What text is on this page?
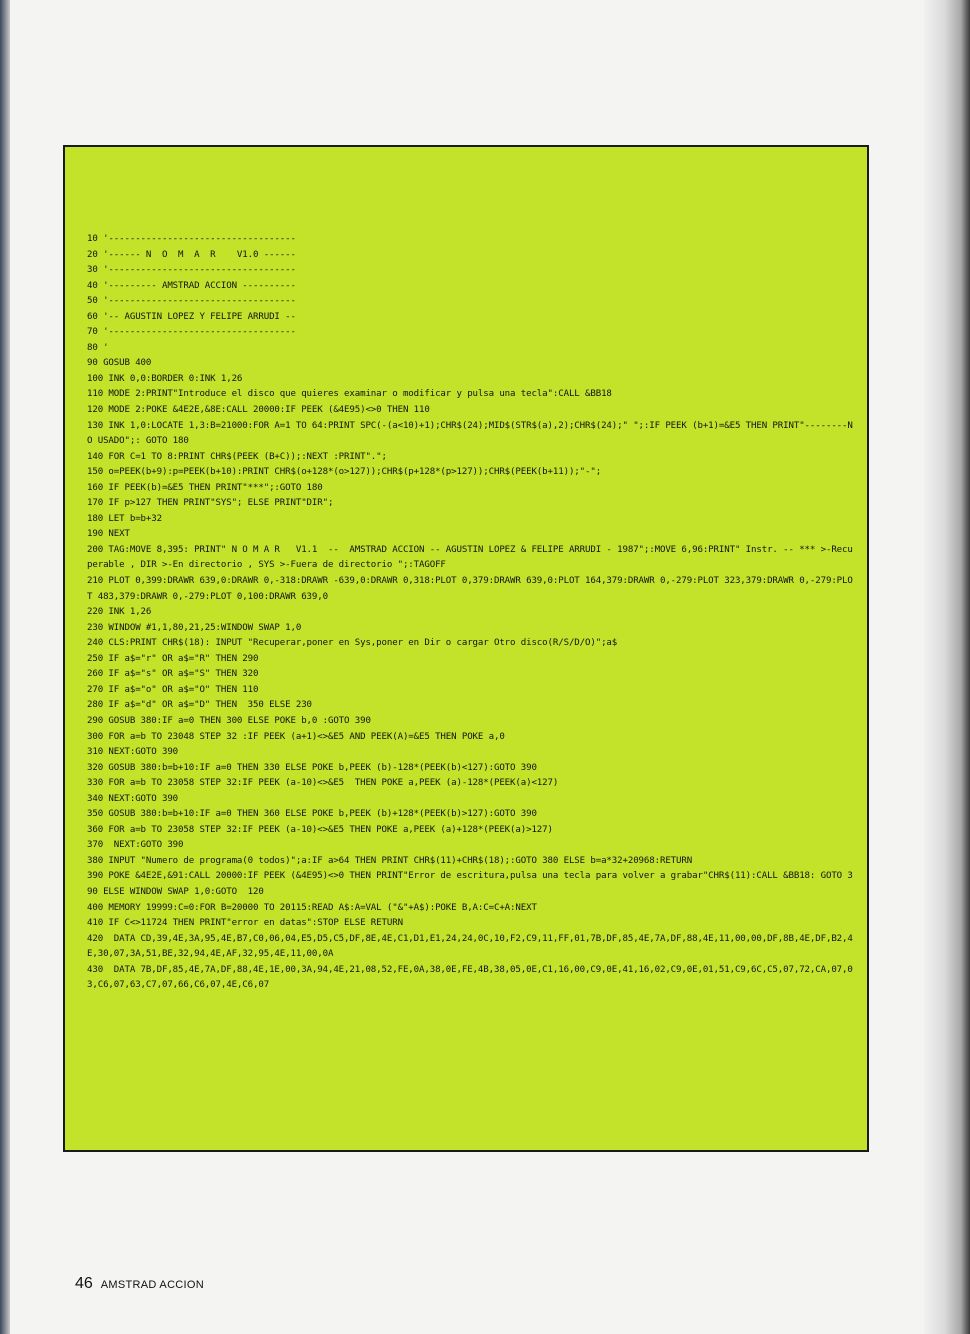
10 '-----------------------------------
20 '------ N  O  M  A  R    V1.0 ------
30 '-----------------------------------
40 '--------- AMSTRAD ACCION ----------
50 '-----------------------------------
60 '-- AGUSTIN LOPEZ Y FELIPE ARRUDI --
70 '-----------------------------------
80 '
90 GOSUB 400
100 INK 0,0:BORDER 0:INK 1,26
110 MODE 2:PRINT"Introduce el disco que quieres examinar o modificar y pulsa una tecla":CALL &BB18
120 MODE 2:POKE &4E2E,&8E:CALL 20000:IF PEEK (&4E95)<>0 THEN 110
130 INK 1,0:LOCATE 1,3:B=21000:FOR A=1 TO 64:PRINT SPC(-(a<10)+1);CHR$(24);MID$(STR$(a),2);CHR$(24);" ";:IF PEEK (b+1)=&E5 THEN PRINT"--------NO USADO";: GOTO 180
140 FOR C=1 TO 8:PRINT CHR$(PEEK (B+C));:NEXT :PRINT".";
150 o=PEEK(b+9):p=PEEK(b+10):PRINT CHR$(o+128*(o>127));CHR$(p+128*(p>127));CHR$(PEEK(b+11));"-";
160 IF PEEK(b)=&E5 THEN PRINT"***";:GOTO 180
170 IF p>127 THEN PRINT"SYS"; ELSE PRINT"DIR";
180 LET b=b+32
190 NEXT
200 TAG:MOVE 8,395: PRINT" N O M A R   V1.1  --  AMSTRAD ACCION -- AGUSTIN LOPEZ & FELIPE ARRUDI - 1987";:MOVE 6,96:PRINT" Instr. -- *** >-Recuperable , DIR >-En directorio , SYS >-Fuera de directorio ";:TAGOFF
210 PLOT 0,399:DRAWR 639,0:DRAWR 0,-318:DRAWR -639,0:DRAWR 0,318:PLOT 0,379:DRAWR 639,0:PLOT 164,379:DRAWR 0,-279:PLOT 323,379:DRAWR 0,-279:PLOT 483,379:DRAWR 0,-279:PLOT 0,100:DRAWR 639,0
220 INK 1,26
230 WINDOW #1,1,80,21,25:WINDOW SWAP 1,0
240 CLS:PRINT CHR$(18): INPUT "Recuperar,poner en Sys,poner en Dir o cargar Otro disco(R/S/D/O)";a$
250 IF a$="r" OR a$="R" THEN 290
260 IF a$="s" OR a$="S" THEN 320
270 IF a$="o" OR a$="O" THEN 110
280 IF a$="d" OR a$="D" THEN  350 ELSE 230
290 GOSUB 380:IF a=0 THEN 300 ELSE POKE b,0 :GOTO 390
300 FOR a=b TO 23048 STEP 32 :IF PEEK (a+1)<>&E5 AND PEEK(A)=&E5 THEN POKE a,0
310 NEXT:GOTO 390
320 GOSUB 380:b=b+10:IF a=0 THEN 330 ELSE POKE b,PEEK (b)-128*(PEEK(b)<127):GOTO 390
330 FOR a=b TO 23058 STEP 32:IF PEEK (a-10)<>&E5  THEN POKE a,PEEK (a)-128*(PEEK(a)<127)
340 NEXT:GOTO 390
350 GOSUB 380:b=b+10:IF a=0 THEN 360 ELSE POKE b,PEEK (b)+128*(PEEK(b)>127):GOTO 390
360 FOR a=b TO 23058 STEP 32:IF PEEK (a-10)<>&E5 THEN POKE a,PEEK (a)+128*(PEEK(a)>127)
370  NEXT:GOTO 390
380 INPUT "Numero de programa(0 todos)";a:IF a>64 THEN PRINT CHR$(11)+CHR$(18);:GOTO 380 ELSE b=a*32+20968:RETURN
390 POKE &4E2E,&91:CALL 20000:IF PEEK (&4E95)<>0 THEN PRINT"Error de escritura,pulsa una tecla para volver a grabar"CHR$(11):CALL &BB18: GOTO 390 ELSE WINDOW SWAP 1,0:GOTO  120
400 MEMORY 19999:C=0:FOR B=20000 TO 20115:READ A$:A=VAL ("&"+A$):POKE B,A:C=C+A:NEXT
410 IF C<>11724 THEN PRINT"error en datas":STOP ELSE RETURN
420  DATA CD,39,4E,3A,95,4E,B7,C0,06,04,E5,D5,C5,DF,8E,4E,C1,D1,E1,24,24,0C,10,F2,C9,11,FF,01,7B,DF,85,4E,7A,DF,88,4E,11,00,00,DF,8B,4E,DF,B2,4E,30,07,3A,51,BE,32,94,4E,AF,32,95,4E,11,00,0A
430  DATA 7B,DF,85,4E,7A,DF,88,4E,1E,00,3A,94,4E,21,08,52,FE,0A,38,0E,FE,4B,38,05,0E,C1,16,00,C9,0E,41,16,02,C9,0E,01,51,C9,6C,C5,07,72,CA,07,03,C6,07,63,C7,07,66,C6,07,4E,C6,07
46 AMSTRAD ACCION
